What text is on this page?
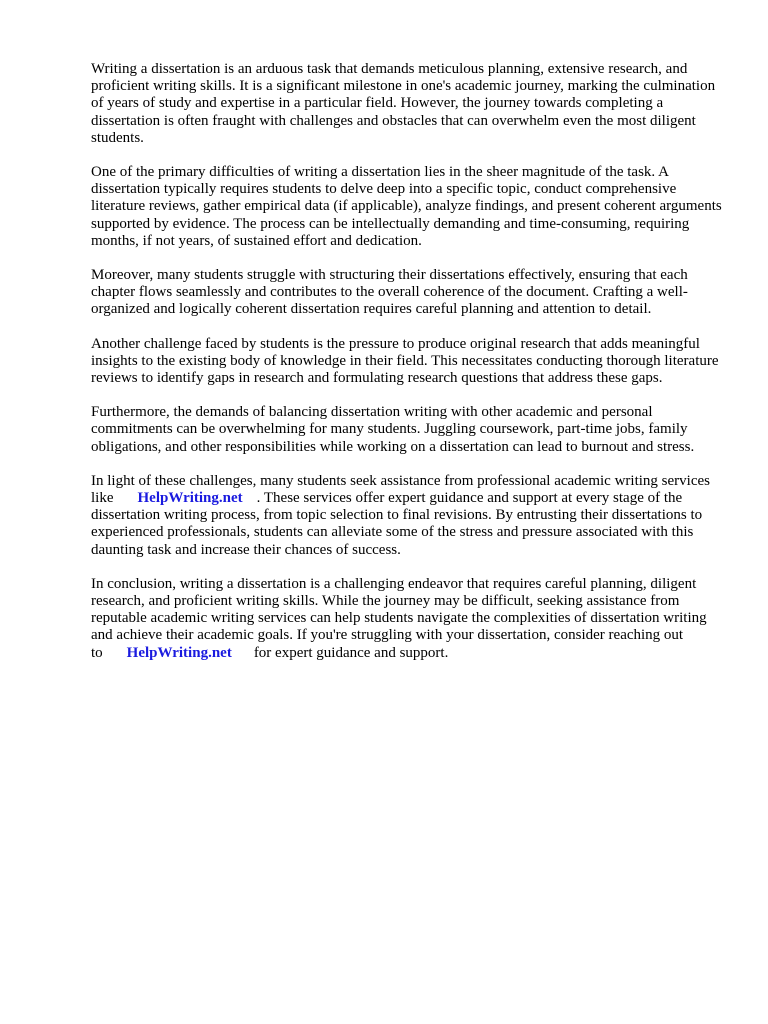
Writing a dissertation is an arduous task that demands meticulous planning, extensive research, and proficient writing skills. It is a significant milestone in one's academic journey, marking the culmination of years of study and expertise in a particular field. However, the journey towards completing a dissertation is often fraught with challenges and obstacles that can overwhelm even the most diligent students.

One of the primary difficulties of writing a dissertation lies in the sheer magnitude of the task. A dissertation typically requires students to delve deep into a specific topic, conduct comprehensive literature reviews, gather empirical data (if applicable), analyze findings, and present coherent arguments supported by evidence. The process can be intellectually demanding and time-consuming, requiring months, if not years, of sustained effort and dedication.

Moreover, many students struggle with structuring their dissertations effectively, ensuring that each chapter flows seamlessly and contributes to the overall coherence of the document. Crafting a well-organized and logically coherent dissertation requires careful planning and attention to detail.

Another challenge faced by students is the pressure to produce original research that adds meaningful insights to the existing body of knowledge in their field. This necessitates conducting thorough literature reviews to identify gaps in research and formulating research questions that address these gaps.

Furthermore, the demands of balancing dissertation writing with other academic and personal commitments can be overwhelming for many students. Juggling coursework, part-time jobs, family obligations, and other responsibilities while working on a dissertation can lead to burnout and stress.

In light of these challenges, many students seek assistance from professional academic writing services like HelpWriting.net . These services offer expert guidance and support at every stage of the dissertation writing process, from topic selection to final revisions. By entrusting their dissertations to experienced professionals, students can alleviate some of the stress and pressure associated with this daunting task and increase their chances of success.

In conclusion, writing a dissertation is a challenging endeavor that requires careful planning, diligent research, and proficient writing skills. While the journey may be difficult, seeking assistance from reputable academic writing services can help students navigate the complexities of dissertation writing and achieve their academic goals. If you're struggling with your dissertation, consider reaching out to HelpWriting.net for expert guidance and support.
